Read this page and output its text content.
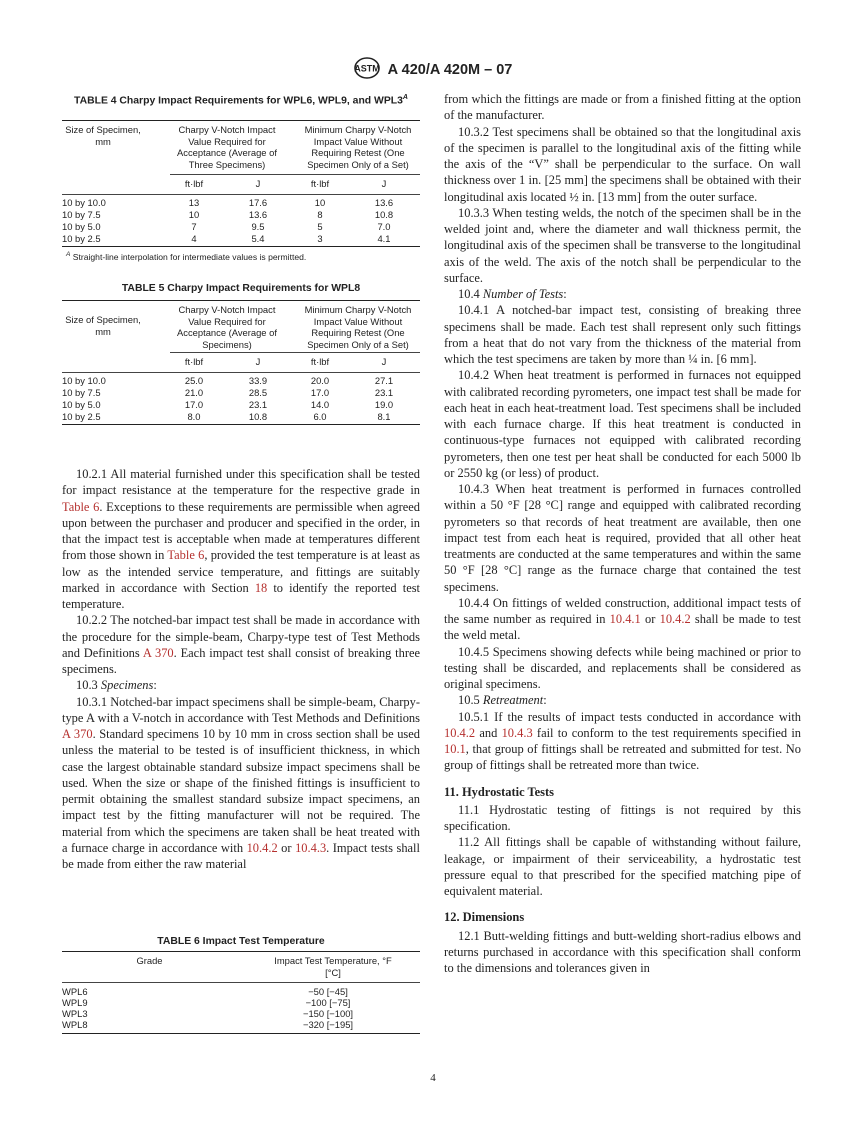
ASTM A 420/A 420M – 07
TABLE 4 Charpy Impact Requirements for WPL6, WPL9, and $WPL3^A$
Size of Specimen, mm
Charpy V-Notch Impact Value Required for Acceptance (Average of Three Specimens)
Minimum Charpy V-Notch Impact Value Without Requiring Retest (One Specimen Only of a Set)
ft·lbf	J	ft·lbf	J
10 by 10.0	13	17.6	10	13.6
10 by 7.5	10	13.6	8	10.8
10 by 5.0	7	9.5	5	7.0
10 by 2.5	4	5.4	3	4.1
$^A$ Straight-line interpolation for intermediate values is permitted.
TABLE 5 Charpy Impact Requirements for WPL8
Size of Specimen, mm
Charpy V-Notch Impact Value Required for Acceptance (Average of Specimens)
Minimum Charpy V-Notch Impact Value Without Requiring Retest (One Specimen Only of a Set)
ft·lbf	J	ft·lbf	J
10 by 10.0	25.0	33.9	20.0	27.1
10 by 7.5	21.0	28.5	17.0	23.1
10 by 5.0	17.0	23.1	14.0	19.0
10 by 2.5	8.0	10.8	6.0	8.1

10.2.1 All material furnished under this specification shall be tested for impact resistance at the temperature for the respective grade in Table 6. Exceptions to these requirements are permissible when agreed upon between the purchaser and producer and specified in the order, in that the impact test is acceptable when made at temperatures different from those shown in Table 6, provided the test temperature is at least as low as the intended service temperature, and fittings are suitably marked in accordance with Section 18 to identify the reported test temperature.

10.2.2 The notched-bar impact test shall be made in accordance with the procedure for the simple-beam, Charpy-type test of Test Methods and Definitions A 370. Each impact test shall consist of breaking three specimens.

10.3 Specimens:

10.3.1 Notched-bar impact specimens shall be simple-beam, Charpy-type A with a V-notch in accordance with Test Methods and Definitions A 370. Standard specimens 10 by 10 mm in cross section shall be used unless the material to be tested is of insufficient thickness, in which case the largest obtainable standard subsize impact specimens shall be used. When the size or shape of the finished fittings is insufficient to permit obtaining the smallest standard subsize impact specimens, an impact test by the fitting manufacturer will not be required. The material from which the specimens are taken shall be heat treated with a furnace charge in accordance with 10.4.2 or 10.4.3. Impact tests shall be made from either the raw material

TABLE 6 Impact Test Temperature
Grade	Impact Test Temperature, °F [°C]
WPL6	−50 [−45]
WPL9	−100 [−75]
WPL3	−150 [−100]
WPL8	−320 [−195]

from which the fittings are made or from a finished fitting at the option of the manufacturer.

10.3.2 Test specimens shall be obtained so that the longitudinal axis of the specimen is parallel to the longitudinal axis of the fitting while the axis of the “V” shall be perpendicular to the surface. On wall thickness over 1 in. [25 mm] the specimens shall be obtained with their longitudinal axis located ½ in. [13 mm] from the outer surface.

10.3.3 When testing welds, the notch of the specimen shall be in the welded joint and, where the diameter and wall thickness permit, the longitudinal axis of the specimen shall be transverse to the longitudinal axis of the weld. The axis of the notch shall be perpendicular to the surface.

10.4 Number of Tests:

10.4.1 A notched-bar impact test, consisting of breaking three specimens shall be made. Each test shall represent only such fittings from a heat that do not vary from the thickness of the material from which the test specimens are taken by more than ¼ in. [6 mm].

10.4.2 When heat treatment is performed in furnaces not equipped with calibrated recording pyrometers, one impact test shall be made for each heat in each heat-treatment load. Test specimens shall be included with each furnace charge. If this heat treatment is conducted in continuous-type furnaces not equipped with calibrated recording pyrometers, then one test per heat shall be conducted for each 5000 lb or 2550 kg (or less) of product.

10.4.3 When heat treatment is performed in furnaces controlled within a 50 °F [28 °C] range and equipped with calibrated recording pyrometers so that records of heat treatment are available, then one impact test from each heat is required, provided that all other heat treatments are conducted at the same temperatures and within the same 50 °F [28 °C] range as the furnace charge that contained the test specimens.

10.4.4 On fittings of welded construction, additional impact tests of the same number as required in 10.4.1 or 10.4.2 shall be made to test the weld metal.

10.4.5 Specimens showing defects while being machined or prior to testing shall be discarded, and replacements shall be considered as original specimens.

10.5 Retreatment:

10.5.1 If the results of impact tests conducted in accordance with 10.4.2 and 10.4.3 fail to conform to the test requirements specified in 10.1, that group of fittings shall be retreated and submitted for test. No group of fittings shall be retreated more than twice.

11. Hydrostatic Tests

11.1 Hydrostatic testing of fittings is not required by this specification.

11.2 All fittings shall be capable of withstanding without failure, leakage, or impairment of their serviceability, a hydrostatic test pressure equal to that prescribed for the specified matching pipe of equivalent material.

12. Dimensions

12.1 Butt-welding fittings and butt-welding short-radius elbows and returns purchased in accordance with this specification shall conform to the dimensions and tolerances given in

4
